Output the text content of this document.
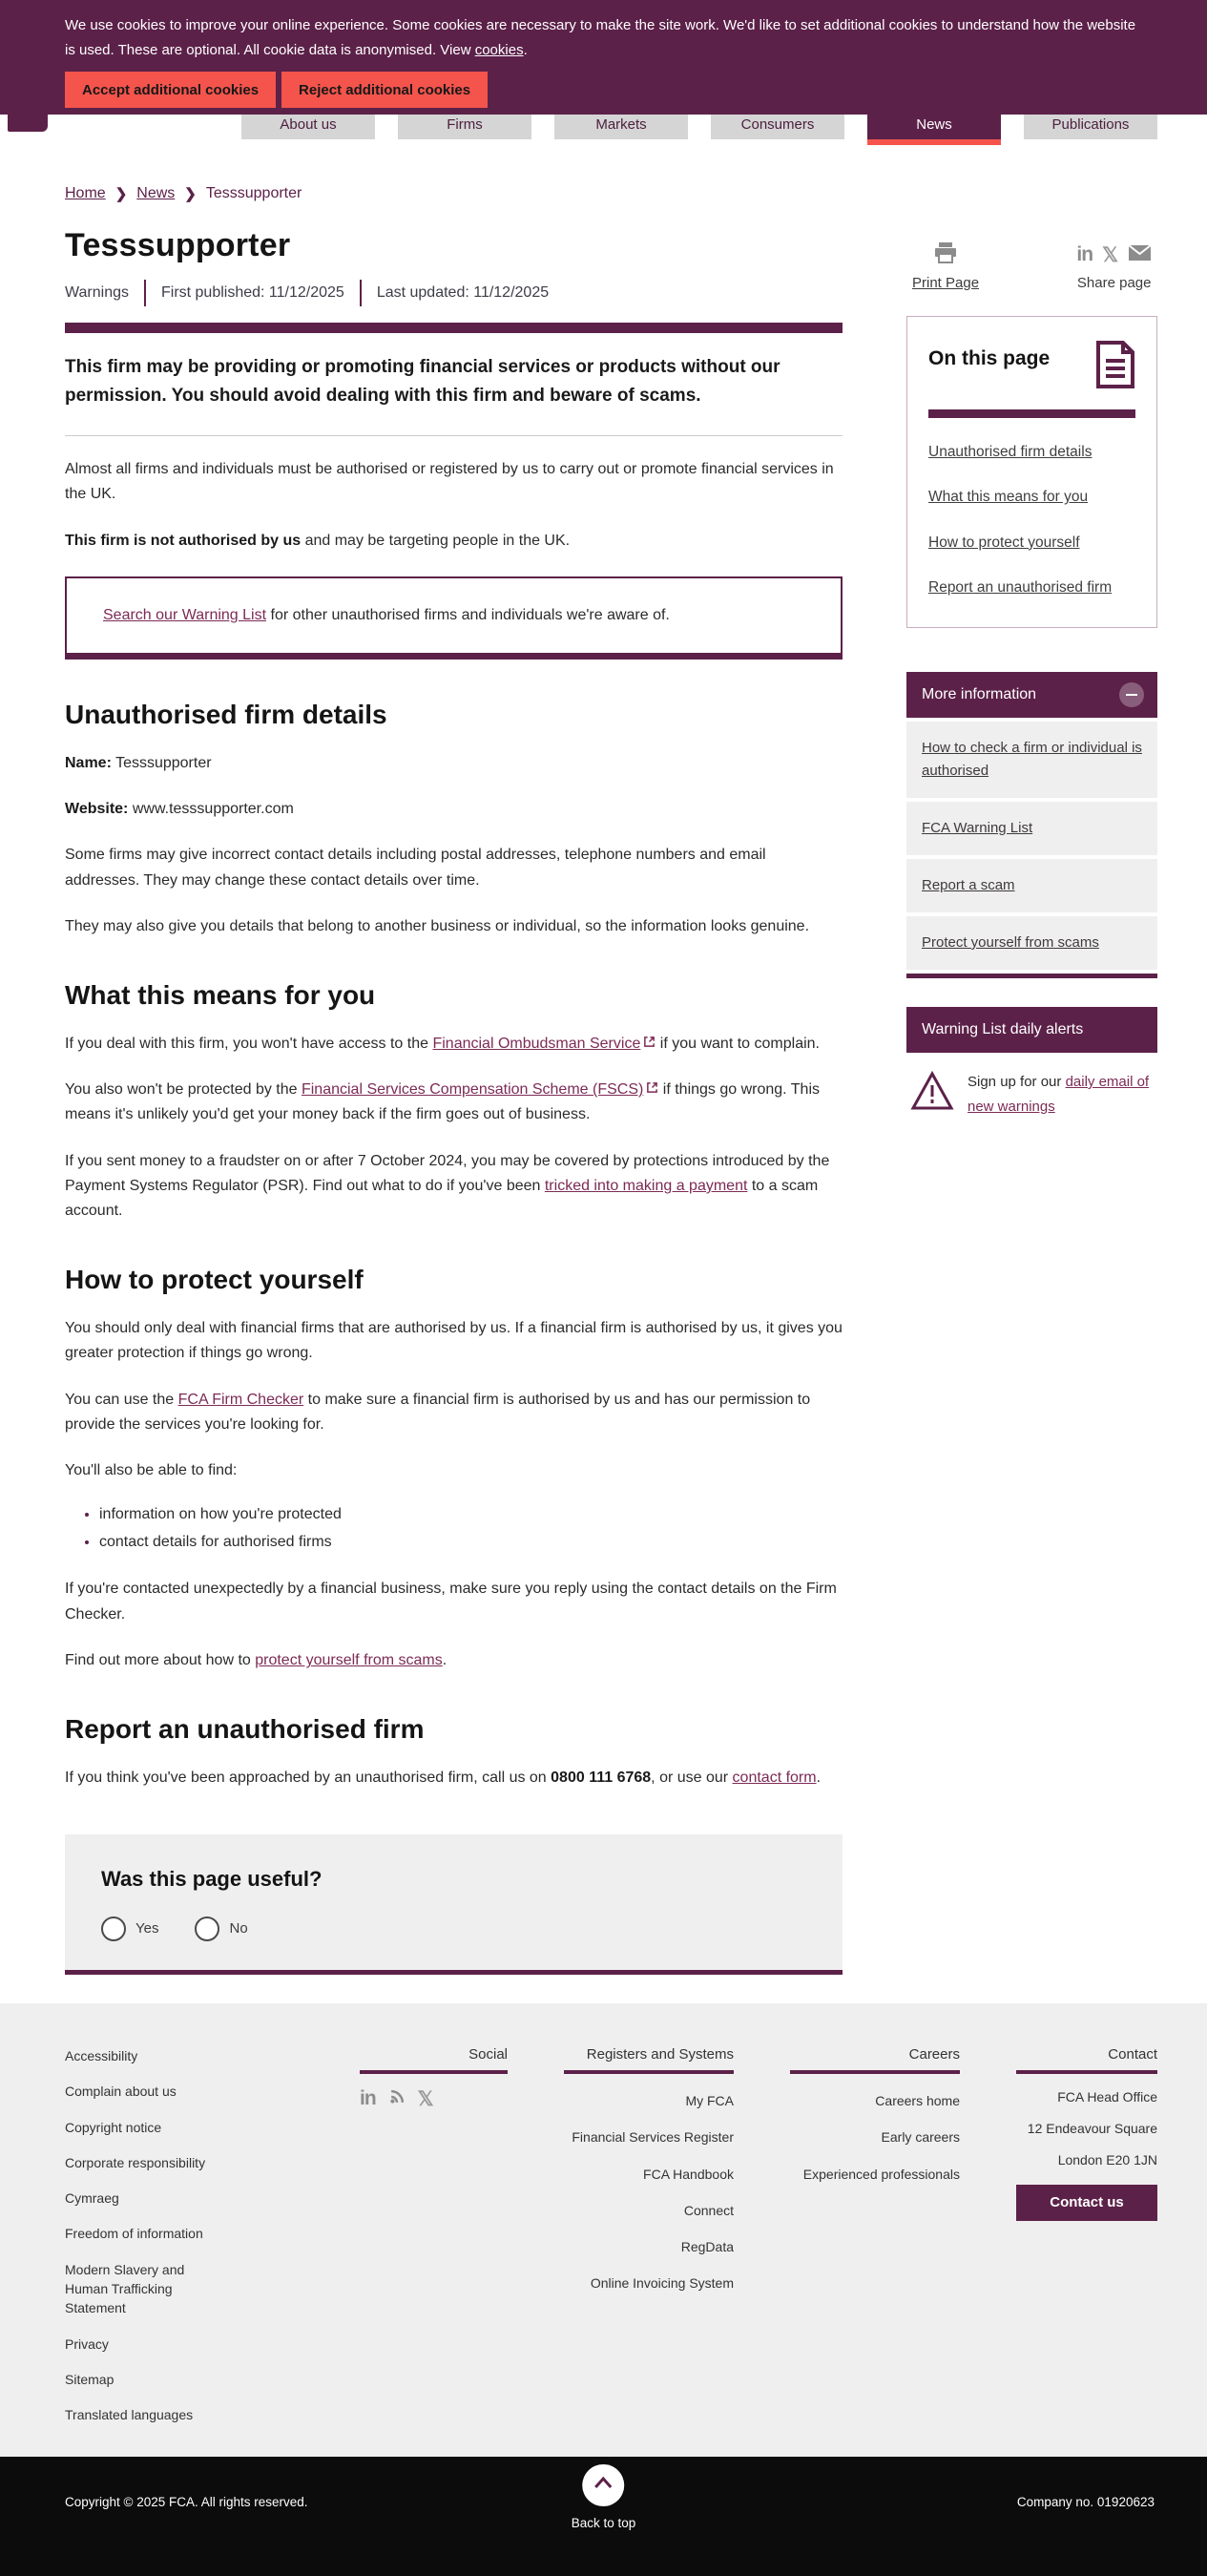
We use cookies to improve your online experience. Some cookies are necessary to make the site work. We'd like to set additional cookies to understand how the website is used. These are optional. All cookie data is anonymised. View cookies.
Accept additional cookies	Reject additional cookies
About us	Firms	Markets	Consumers	News	Publications
Home ❯ News ❯ Tesssupporter
Tesssupporter
Warnings First published: 11/12/2025 Last updated: 11/12/2025
This firm may be providing or promoting financial services or products without our permission. You should avoid dealing with this firm and beware of scams.

Almost all firms and individuals must be authorised or registered by us to carry out or promote financial services in the UK.

This firm is not authorised by us and may be targeting people in the UK.

Search our Warning List for other unauthorised firms and individuals we're aware of.

Unauthorised firm details

Name: Tesssupporter

Website: www.tesssupporter.com

Some firms may give incorrect contact details including postal addresses, telephone numbers and email addresses. They may change these contact details over time.

They may also give you details that belong to another business or individual, so the information looks genuine.

What this means for you

If you deal with this firm, you won't have access to the Financial Ombudsman Service if you want to complain.

You also won't be protected by the Financial Services Compensation Scheme (FSCS) if things go wrong. This means it's unlikely you'd get your money back if the firm goes out of business.

If you sent money to a fraudster on or after 7 October 2024, you may be covered by protections introduced by the Payment Systems Regulator (PSR). Find out what to do if you've been tricked into making a payment to a scam account.

How to protect yourself

You should only deal with financial firms that are authorised by us. If a financial firm is authorised by us, it gives you greater protection if things go wrong.

You can use the FCA Firm Checker to make sure a financial firm is authorised by us and has our permission to provide the services you're looking for.

You'll also be able to find:

• information on how you're protected
• contact details for authorised firms

If you're contacted unexpectedly by a financial business, make sure you reply using the contact details on the Firm Checker.

Find out more about how to protect yourself from scams.

Report an unauthorised firm

If you think you've been approached by an unauthorised firm, call us on 0800 111 6768, or use our contact form.

Was this page useful?
Yes	No
Print Page
in 𝕏
Share page
On this page
Unauthorised firm details
What this means for you
How to protect yourself
Report an unauthorised firm
More information
How to check a firm or individual is authorised
FCA Warning List
Report a scam
Protect yourself from scams
Warning List daily alerts
Sign up for our daily email of new warnings
Accessibility
Complain about us
Copyright notice
Corporate responsibility
Cymraeg
Freedom of information
Modern Slavery and Human Trafficking Statement
Privacy
Sitemap
Translated languages
Social
in 𝕏
Registers and Systems
My FCA
Financial Services Register
FCA Handbook
Connect
RegData
Online Invoicing System
Careers
Careers home
Early careers
Experienced professionals
Contact
FCA Head Office
12 Endeavour Square
London E20 1JN
Contact us
Copyright © 2025 FCA. All rights reserved.
Back to top
Company no. 01920623
